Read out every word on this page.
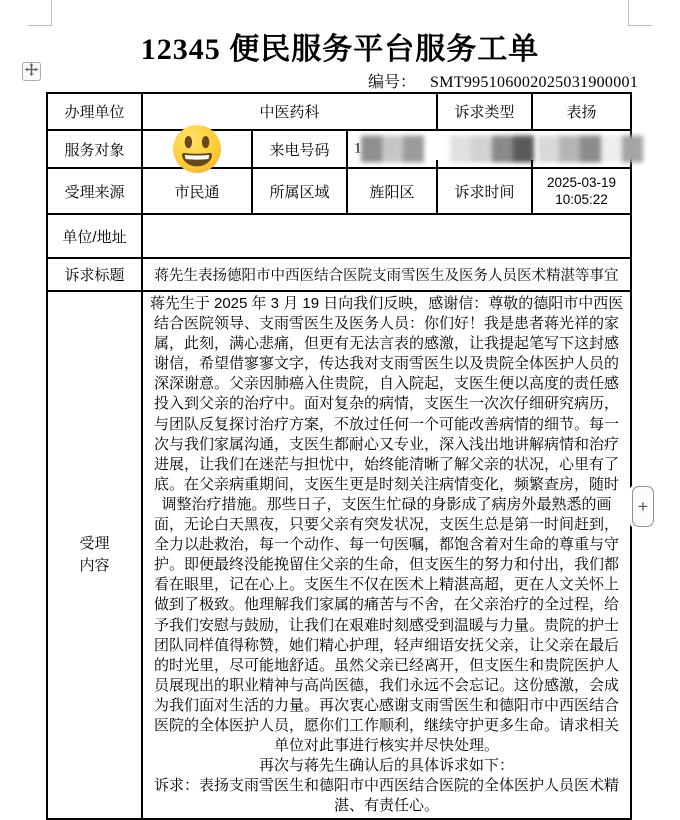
12345 便民服务平台服务工单
编号： SMT995106002025031900001
办理单位	中医药科			诉求类型	表扬
服务对象		来电号码	1		

受理来源	市民通	所属区域	旌阳区	诉求时间	2025-03-19
10:05:22

单位/地址					
诉求标题	蒋先生表扬德阳市中西医结合医院支雨雪医生及医务人员医术精湛等事宜				

受理
内容

蒋先生于 2025 年 3 月 19 日向我们反映，感谢信：尊敬的德阳市中西医结合医院领导、支雨雪医生及医务人员：你们好！我是患者蒋光祥的家属，此刻，满心悲痛，但更有无法言表的感激，让我提起笔写下这封感谢信，希望借寥寥文字，传达我对支雨雪医生以及贵院全体医护人员的深深谢意。父亲因肺癌入住贵院，自入院起，支医生便以高度的责任感投入到父亲的治疗中。面对复杂的病情，支医生一次次仔细研究病历，与团队反复探讨治疗方案，不放过任何一个可能改善病情的细节。每一次与我们家属沟通，支医生都耐心又专业，深入浅出地讲解病情和治疗进展，让我们在迷茫与担忧中，始终能清晰了解父亲的状况，心里有了底。在父亲病重期间，支医生更是时刻关注病情变化，频繁查房，随时调整治疗措施。那些日子，支医生忙碌的身影成了病房外最熟悉的画面，无论白天黑夜，只要父亲有突发状况，支医生总是第一时间赶到，全力以赴救治，每一个动作、每一句医嘱，都饱含着对生命的尊重与守护。即便最终没能挽留住父亲的生命，但支医生的努力和付出，我们都看在眼里，记在心上。支医生不仅在医术上精湛高超，更在人文关怀上做到了极致。他理解我们家属的痛苦与不舍，在父亲治疗的全过程，给予我们安慰与鼓励，让我们在艰难时刻感受到温暖与力量。贵院的护士团队同样值得称赞，她们精心护理，轻声细语安抚父亲，让父亲在最后的时光里，尽可能地舒适。虽然父亲已经离开，但支医生和贵院医护人员展现出的职业精神与高尚医德，我们永远不会忘记。这份感激，会成为我们面对生活的力量。再次衷心感谢支雨雪医生和德阳市中西医结合医院的全体医护人员，愿你们工作顺利，继续守护更多生命。请求相关单位对此事进行核实并尽快处理。

再次与蒋先生确认后的具体诉求如下：

诉求：表扬支雨雪医生和德阳市中西医结合医院的全体医护人员医术精湛、有责任心。

+
